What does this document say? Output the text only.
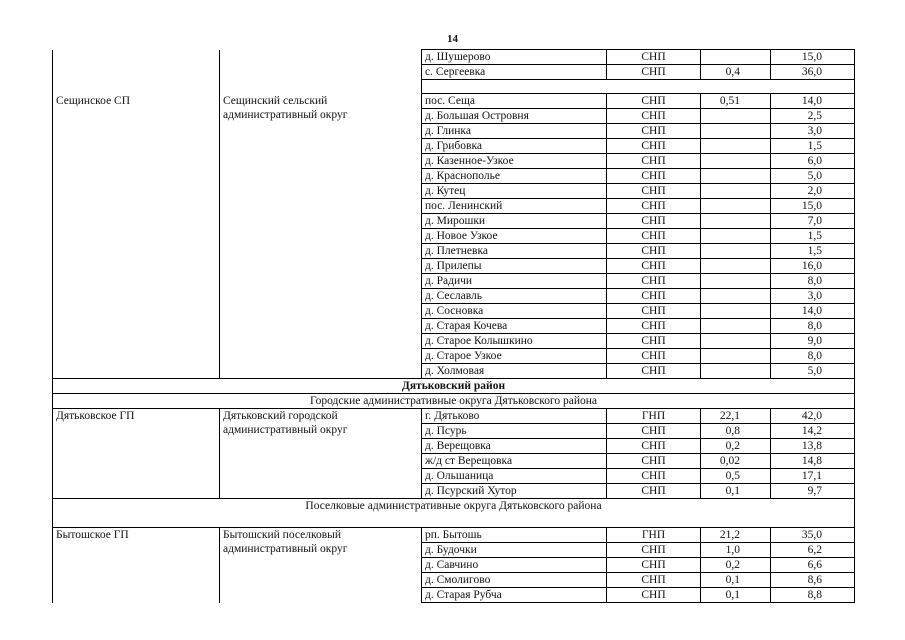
14
		д. Шушерово	СНП		15,0
		с. Сергеевка	СНП	0,4	36,0

Сещинское СП	Сещинский сельский административный округ	пос. Сеща	СНП	0,51	14,0
		д. Большая Островня	СНП		2,5
		д. Глинка	СНП		3,0
		д. Грибовка	СНП		1,5
		д. Казенное-Узкое	СНП		6,0
		д. Краснополье	СНП		5,0
		д. Кутец	СНП		2,0
		пос. Ленинский	СНП		15,0
		д. Мирошки	СНП		7,0
		д. Новое Узкое	СНП		1,5
		д. Плетневка	СНП		1,5
		д. Прилепы	СНП		16,0
		д. Радичи	СНП		8,0
		д. Сеславль	СНП		3,0
		д. Сосновка	СНП		14,0
		д. Старая Кочева	СНП		8,0
		д. Старое Колышкино	СНП		9,0
		д. Старое Узкое	СНП		8,0
		д. Холмовая	СНП		5,0
Дятьковский район					
Городские административные округа Дятьковского района					
Дятьковское ГП	Дятьковский городской административный округ	г. Дятьково	ГНП	22,1	42,0
		д. Псурь	СНП	0,8	14,2
		д. Верещовка	СНП	0,2	13,8
		ж/д ст Верещовка	СНП	0,02	14,8
		д. Ольшаница	СНП	0,5	17,1
		д. Псурский Хутор	СНП	0,1	9,7
Поселковые административные округа Дятьковского района					
Бытошское ГП	Бытошский поселковый административный округ	рп. Бытошь	ГНП	21,2	35,0
		д. Будочки	СНП	1,0	6,2
		д. Савчино	СНП	0,2	6,6
		д. Смолигово	СНП	0,1	8,6
		д. Старая Рубча	СНП	0,1	8,8
